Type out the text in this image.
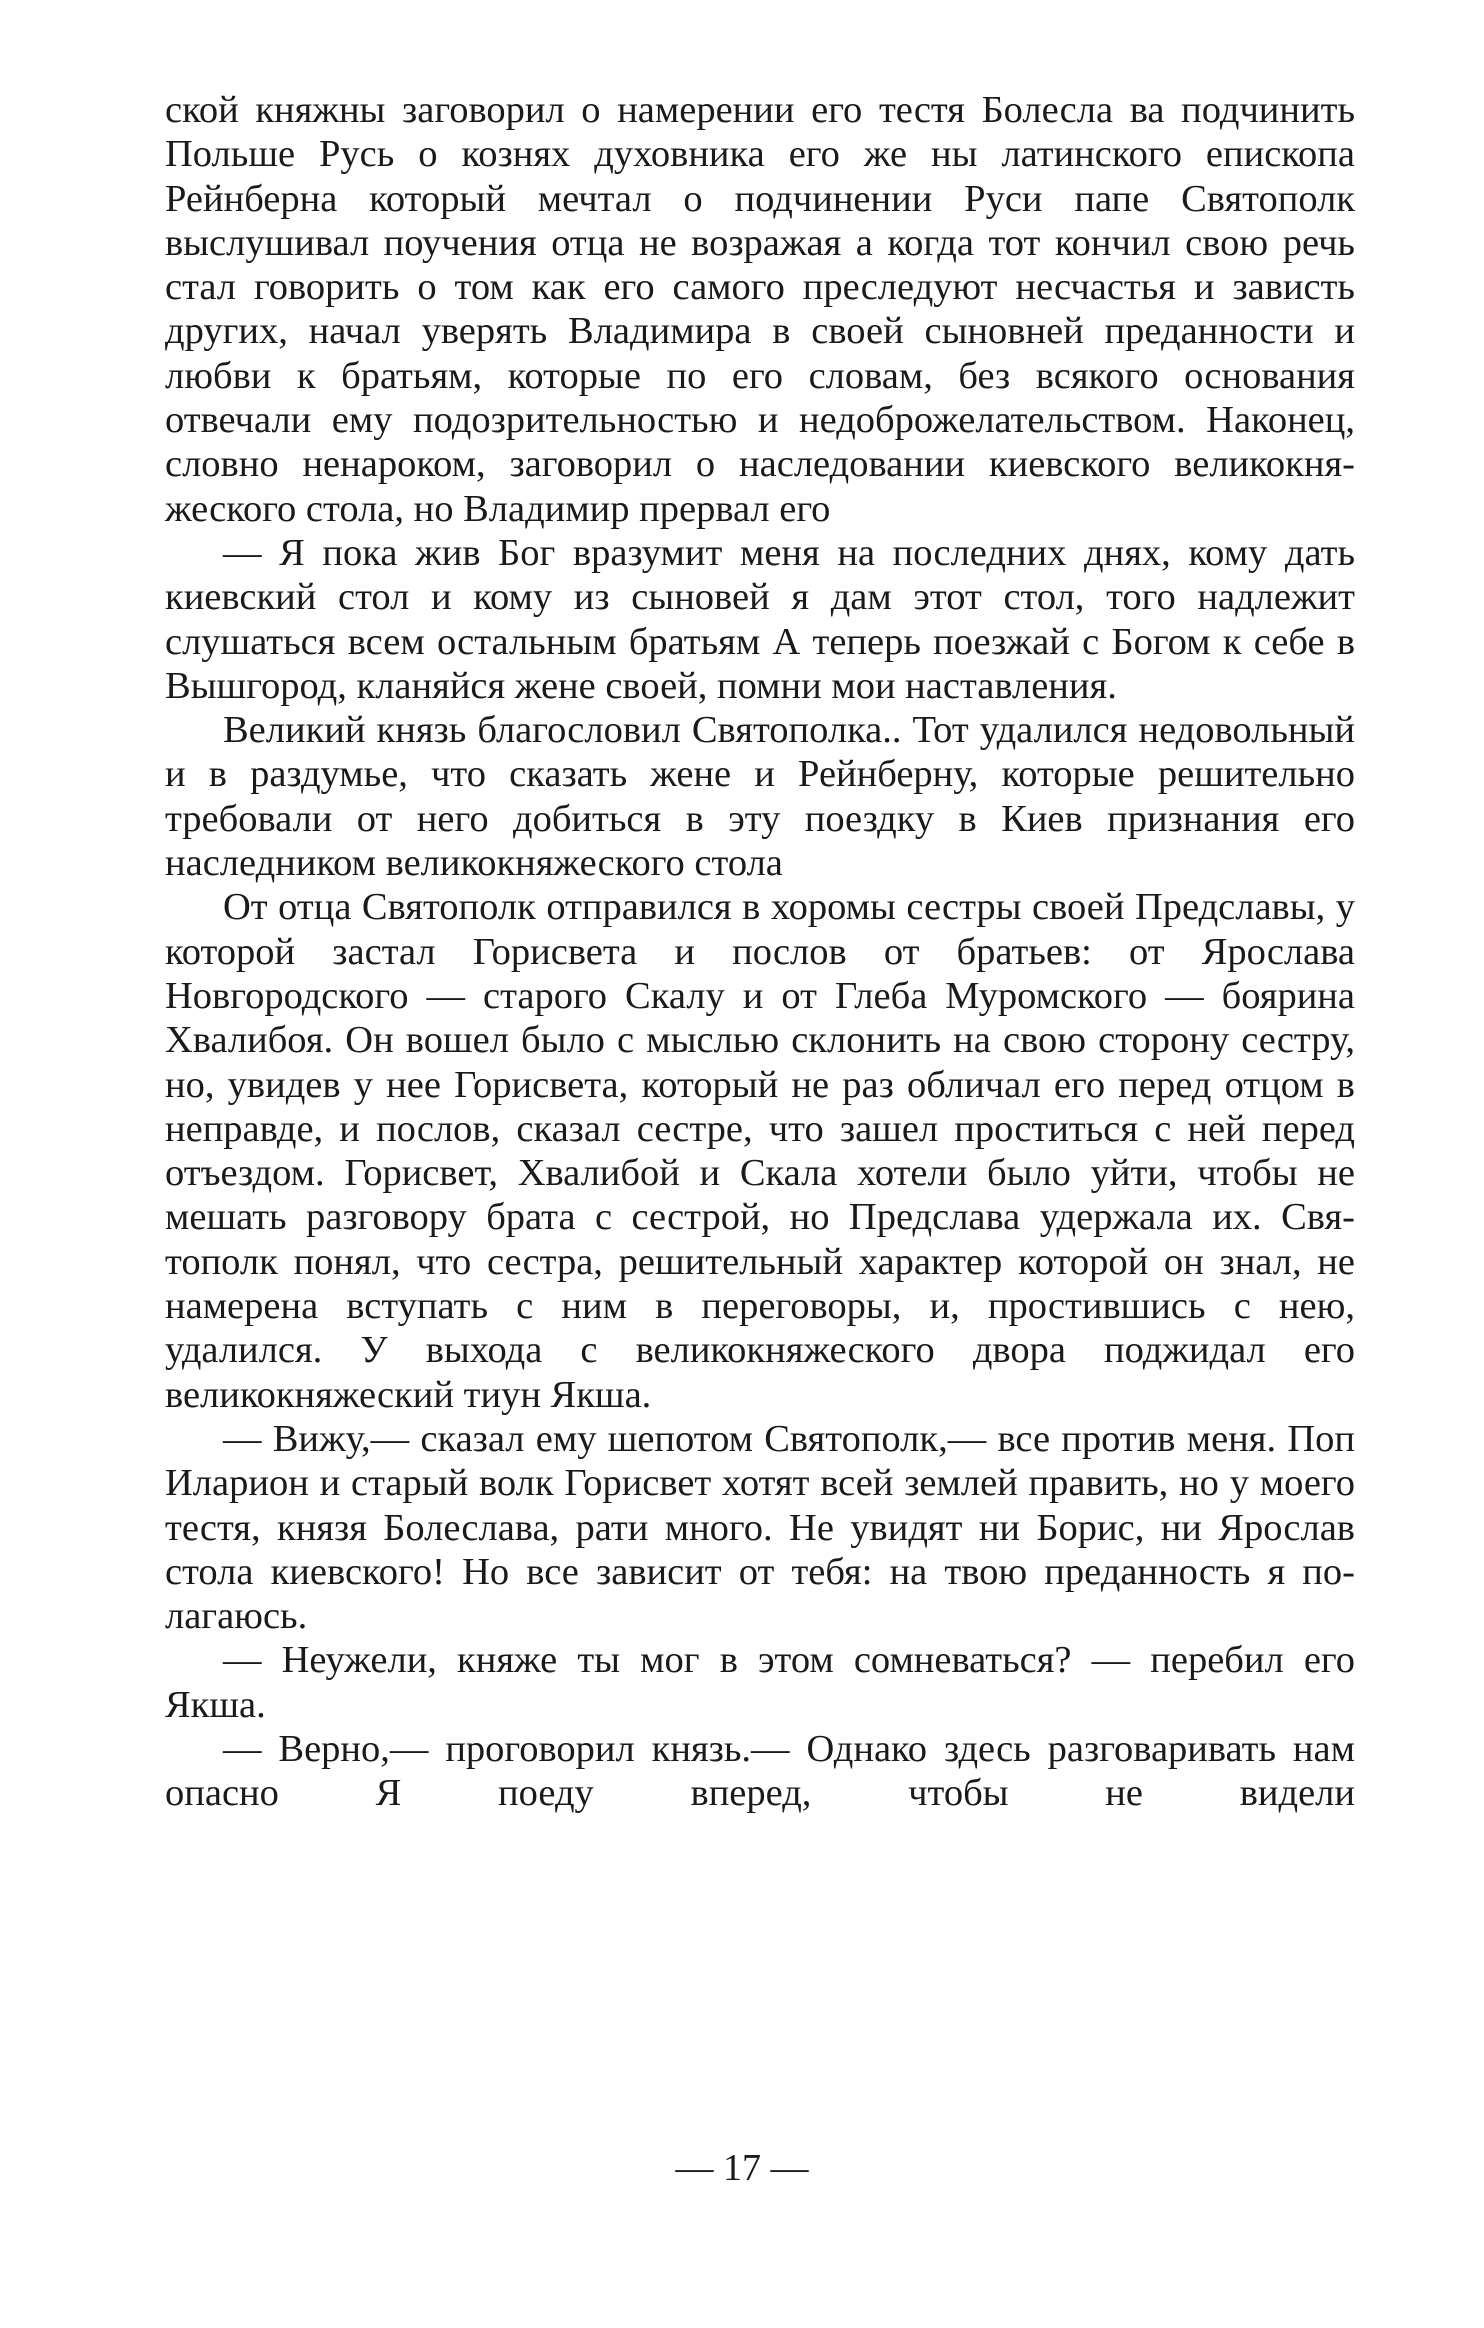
ской княжны заговорил о намерении его тестя Болесла ва подчинить Польше Русь о кознях духовника его же ны латинского епископа Рейнберна который мечтал о подчинении Руси папе Святополк выслушивал поучения отца не возражая а когда тот кончил свою речь стал говорить о том как его самого преследуют несчастья и зависть других, начал уверять Владимира в своей сыновней преданности и любви к братьям, которые по его словам, без всякого основания отвечали ему подозрительностью и недоброжелательством. Наконец, словно ненароком, заговорил о наследовании киевского великокняжеского стола, но Владимир прервал его

— Я пока жив Бог вразумит меня на последних днях, кому дать киевский стол и кому из сыновей я дам этот стол, того надлежит слушаться всем остальным братьям А теперь поезжай с Богом к себе в Вышгород, кланяйся жене своей, помни мои наставления.

Великий князь благословил Святополка.. Тот удалился недовольный и в раздумье, что сказать жене и Рейнберну, которые решительно требовали от него добиться в эту поездку в Киев признания его наследником великокняжеского стола

От отца Святополк отправился в хоромы сестры своей Предславы, у которой застал Горисвета и послов от братьев: от Ярослава Новгородского — старого Скалу и от Глеба Муромского — боярина Хвалибоя. Он вошел было с мыслью склонить на свою сторону сестру, но, увидев у нее Горисвета, который не раз обличал его перед отцом в неправде, и послов, сказал сестре, что зашел проститься с ней перед отъездом. Горисвет, Хвалибой и Скала хотели было уйти, чтобы не мешать разговору брата с сестрой, но Предслава удержала их. Святополк понял, что сестра, решительный характер которой он знал, не намерена вступать с ним в переговоры, и, простившись с нею, удалился. У выхода с великокняжеского двора поджидал его великокняжеский тиун Якша.

— Вижу,— сказал ему шепотом Святополк,— все против меня. Поп Иларион и старый волк Горисвет хотят всей землей править, но у моего тестя, князя Болеслава, рати много. Не увидят ни Борис, ни Ярослав стола киевского! Но все зависит от тебя: на твою преданность я полагаюсь.

— Неужели, княже ты мог в этом сомневаться? — перебил его Якша.

— Верно,— проговорил князь.— Однако здесь разговаривать нам опасно Я поеду вперед, чтобы не видели

— 17 —
